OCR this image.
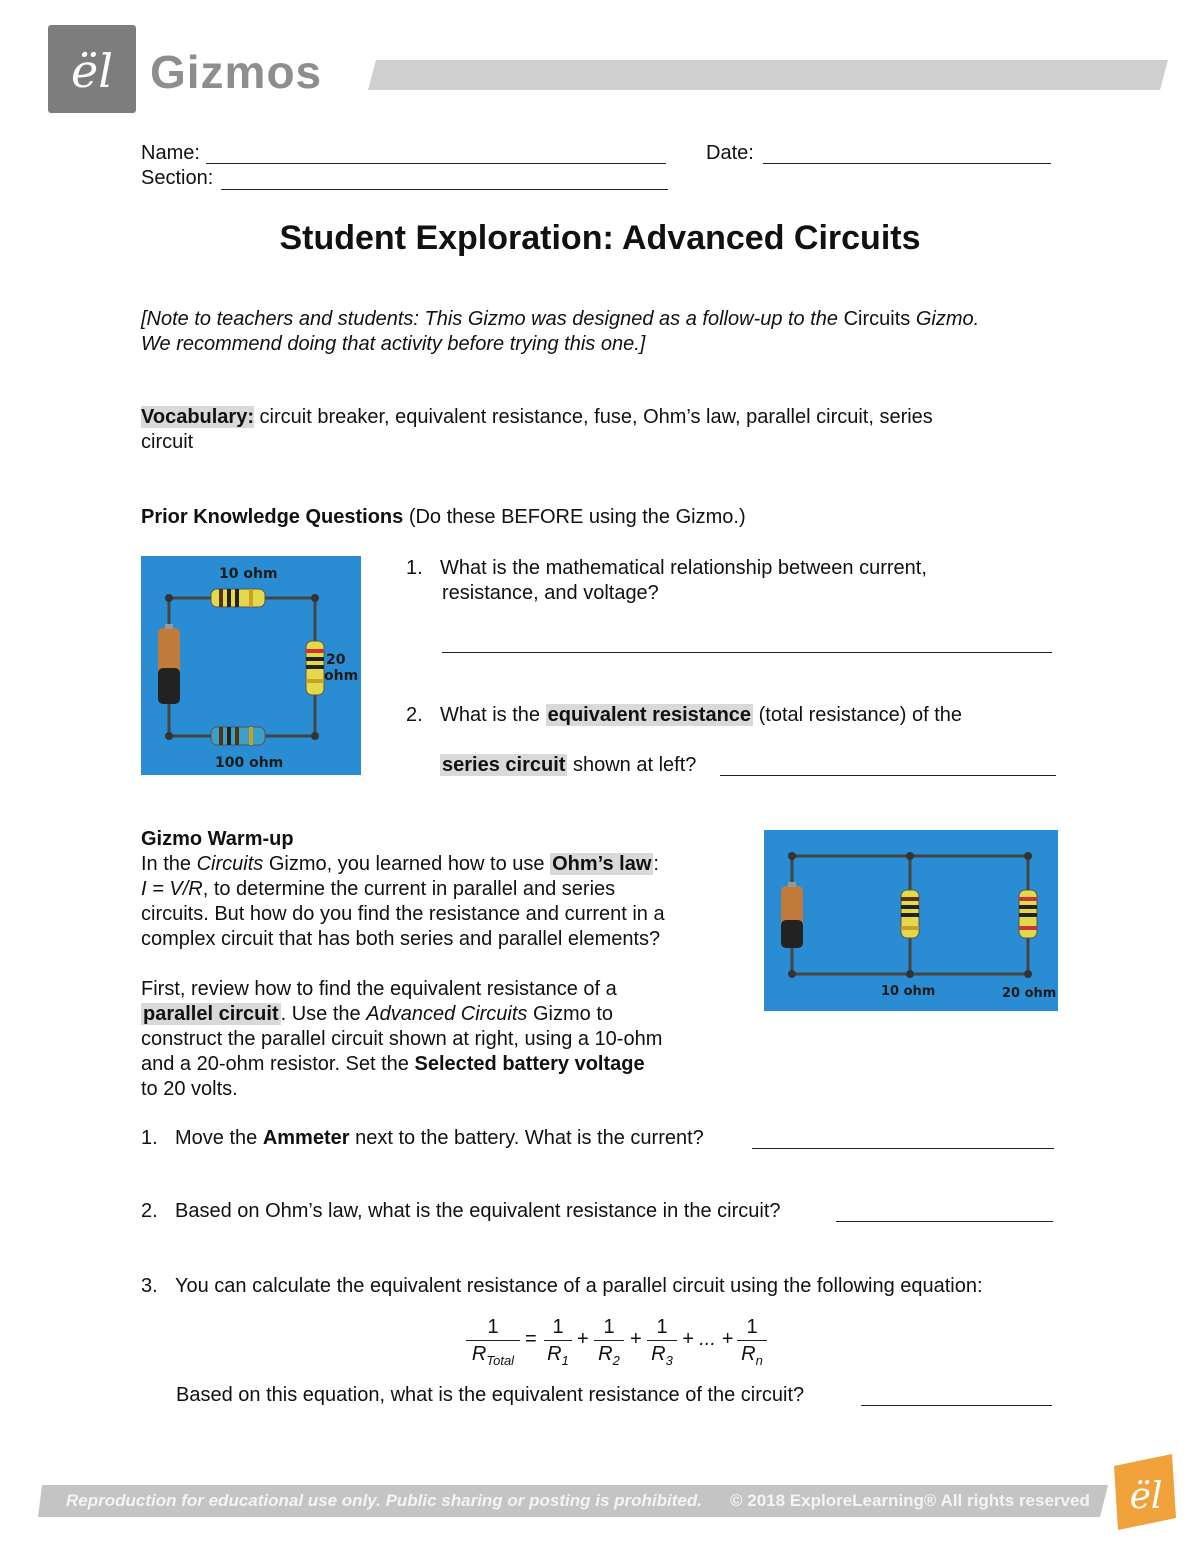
ël Gizmos
Name:	Date:
Section:
Student Exploration: Advanced Circuits
[Note to teachers and students: This Gizmo was designed as a follow-up to the Circuits Gizmo.
We recommend doing that activity before trying this one.]
Vocabulary: circuit breaker, equivalent resistance, fuse, Ohm’s law, parallel circuit, series
circuit
Prior Knowledge Questions (Do these BEFORE using the Gizmo.)
10 ohm
20
ohm
100 ohm
1. What is the mathematical relationship between current,
resistance, and voltage?
2. What is the equivalent resistance (total resistance) of the
series circuit shown at left?
Gizmo Warm-up
In the Circuits Gizmo, you learned how to use Ohm’s law :
I = V/R, to determine the current in parallel and series
circuits. But how do you find the resistance and current in a
complex circuit that has both series and parallel elements?
First, review how to find the equivalent resistance of a
parallel circuit . Use the Advanced Circuits Gizmo to
construct the parallel circuit shown at right, using a 10-ohm
and a 20-ohm resistor. Set the Selected battery voltage
to 20 volts.
10 ohm	20 ohm
1. Move the Ammeter next to the battery. What is the current?
2. Based on Ohm’s law, what is the equivalent resistance in the circuit?
3. You can calculate the equivalent resistance of a parallel circuit using the following equation:
1
$R_{Total}$
= $\frac{1}{R_1} + \frac{1}{R_2} + \frac{1}{R_3}$ + ... + $\frac{1}{R_n}$
Based on this equation, what is the equivalent resistance of the circuit?
Reproduction for educational use only. Public sharing or posting is prohibited. © 2018 ExploreLearning® All rights reserved ël
